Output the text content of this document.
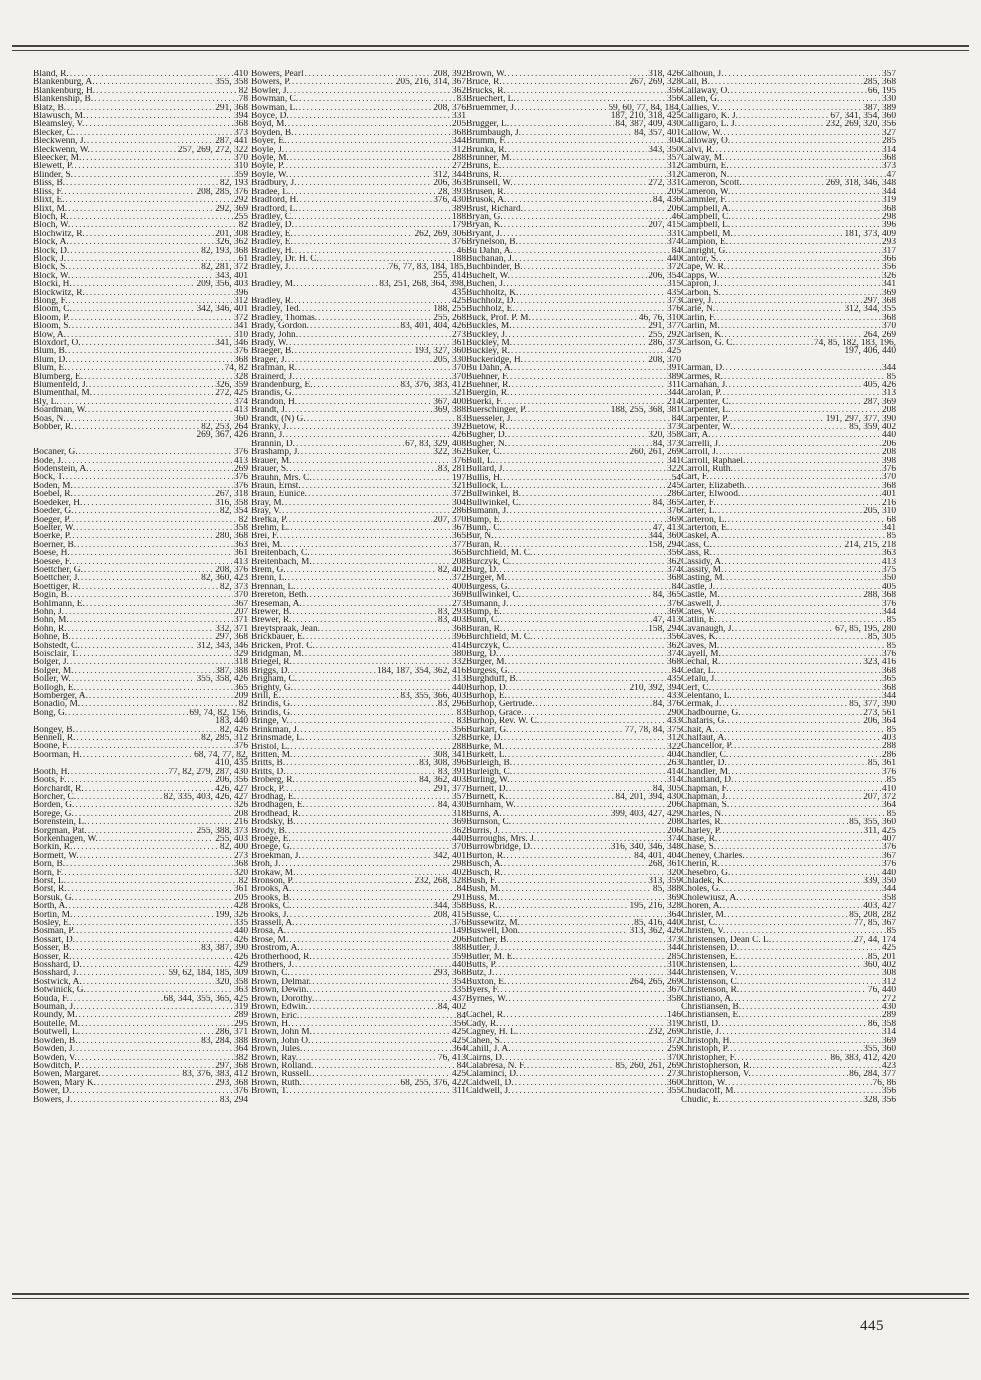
Bland, R. .....	410
Blankenburg, A. .....	355, 358
Blankenburg, H. .....	82
Blankenship, B. .....	78
Blatz, B. .....	291, 368
Blawusch, M. .....	394
Bleamsley, V. .....	368
Blecker, C. .....	373
Bleckwenn, J. .....	287, 441
Bleckwenn, W. .....	257, 269, 272, 322
Bleecker, M. .....	370
Blewett, P. .....	310
Blinder, S. .....	359
Bliss, B. .....	82, 193
Bliss, F. .....	208, 285, 376
Blixt, E. .....	292
Blixt, M. .....	292, 369
Bloch, R. .....	255
Bloch, W. .....	82
Blochwitz, R. .....	201, 308
Block, A. .....	326, 362
Block, D. .....	82, 193, 368
Block, J. .....	61
Block, S. .....	82, 281, 372
Block, W. .....	343, 401
Blocki, H. .....	209, 356, 403
Blockwitz, R. .....	396
Blong, F. .....	312
Bloom, C. .....	342, 346, 401
Bloom, P. .....	372
Bloom, S. .....	341
Blow, A. .....	310
Bloxdorf, O. .....	341, 346
Blum, B. .....	376
Blum, D. .....	368
Blum, E. .....	74, 82
Blumberg, E. .....	328
Blumenfeld, J. .....	326, 359
Blumenthal, M. .....	272, 425
Bly, L. .....	374
Boardman, W. .....	413
Boas, N. .....	360
Bobber, R. .....	82, 253, 264
269, 367, 426
Bocaner, G. .....	376
Bode, J. .....	413
Bodenstein, A. .....	269
Bock, T. .....	376
Boden, M. .....	376
Boebel, R. .....	267, 318
Boedeker, H. .....	316, 358
Boeder, G. .....	82, 354
Boeger, P. .....	82
Boelter, W. .....	358
Boerke, P. .....	280, 368
Boerner, B. .....	363
Boese, H. .....	361
Boesee, F. .....	413
Boettcher, G. .....	208, 376
Boettcher, J. .....	82, 360, 423
Boettiger, R. .....	82, 373
Bogin, B. .....	370
Bohlmann, E. .....	367
Bohn, J. .....	207
Bohn, M. .....	371
Bohn, R. .....	332, 371
Bohne, B. .....	297, 368
Bohstedt, C. .....	312, 343, 346
Boisclair, T. .....	329
Bolger, J. .....	318
Bolger, M. .....	387, 388
Boller, W. .....	355, 358, 426
Bollogh, E. .....	365
Bomberger, A. .....	209
Bonadio, M. .....	82
Bong, G. .....	69, 74, 82, 156,
183, 440
Bongey, B. .....	82, 426
Bennell, R. .....	82, 285, 312
Boone, F. .....	376
Boorman, H. .....	68, 74, 77, 82,
410, 435
Booth, H. .....	77, 82, 279, 287, 430
Boots, F. .....	206, 356
Borchardt, R. .....	426, 427
Borcher, C. .....	82, 335, 403, 426, 427
Borden, G. .....	326
Borege, G. .....	208
Borenstein, L. .....	216
Borgman, Pat. .....	255, 388, 373
Borkenhagen, W. .....	255, 403
Borkin, R. .....	82, 400
Bormett, W. .....	273
Born, B. .....	368
Born, F. .....	320
Borst, L. .....	82
Borst, R. .....	361
Borsuk, G. .....	205
Borth, A. .....	428
Bortin, M. .....	199, 326
Bosley, E. .....	335
Bosman, P. .....	440
Bossart, D. .....	426
Bosser, B. .....	83, 387, 390
Bosser, R. .....	426
Bosshard, D. .....	429
Bosshard, J. .....	59, 62, 184, 185, 309
Bostwick, A. .....	320, 358
Botwinick, G. .....	363
Bouda, F. .....	68, 344, 355, 365, 425
Bouman, J. .....	319
Roundy, M. .....	289
Boutelle, M. .....	295
Boutwell, L. .....	286, 371
Bowden, B. .....	83, 284, 388
Bowden, J. .....	364
Bowden, V. .....	382
Bowditch, P. .....	297, 368
Bowen, Margaret. .....	83, 376, 383, 412
Bowen, Mary K. .....	293, 368
Bower, D. .....	376
Bowers, J. .....	83, 294
Bowers, Pearl .....	208, 392
Bowers, P. .....	205, 216, 314, 367
Bowler, J. .....	362
Bowman, C. .....	83
Bowman, L. .....	208, 376
Boyce, D. .....	331
Boyd, M. .....	205
Boyden, B. .....	368
Boyer, E. .....	344
Boyle, J. .....	312
Boyle, M. .....	288
Boyle, P. .....	272
Boyle, W. .....	312, 344
Bradbury, J. .....	206, 363
Bradee, L. .....	28, 393
Bradford, H. .....	376, 430
Bradford, L. .....	389
Bradley, C. .....	188
Bradley, D. .....	179
Bradley, E. .....	262, 269, 306
Bradley, E. .....	376
Bradley, H. .....	46
Bradley, Dr. H. C. .....	188
Bradley, J. .....	76, 77, 83, 184, 185,
255, 414
Bradley, M. .....	83, 251, 268, 364, 398,
435
Bradley, R. .....	425
Bradley, Ted. .....	188, 255
Bradley, Thomas. .....	255, 268
Brady, Gordon. .....	83, 401, 404, 426
Brady, John. .....	273
Brady, W. .....	361
Braeger, B. .....	193, 327, 360
Brager, J. .....	205, 330
Brafman, R. .....	370
Brainerd, J. .....	370
Brandenburg, E. .....	83, 376, 383, 412
Brandis, G. .....	321
Brandon, H. .....	367, 400
Brandt, J. .....	369, 388
Brandt, (N) G. .....	83
Branky, J. .....	392
Brann, J. .....	426
Brannin, D. .....	67, 83, 329, 408
Brashamp, J. .....	322, 362
Brauer, M. .....	376
Brauer, S. .....	83, 281
Brauhn, Mrs. C. .....	197
Braun, Ernst. .....	321
Braun, Eunice. .....	372
Bray, M. .....	304
Bray, V. .....	286
Brefka, P. .....	207, 370
Brehm, L. .....	367
Brei, F. .....	365
Brei, M. .....	377
Breitenbach, C. .....	365
Breitenbach, M. .....	208
Brem, G. .....	82, 402
Brenn, L. .....	372
Brennan, L. .....	400
Brereton, Beth. .....	369
Breseman, A. .....	273
Brewer, B. .....	83, 293
Brewer, R. .....	83, 403
Breytspraak, Jean. .....	368
Brickbauer, E. .....	396
Bricken, Prof. C. .....	414
Bridgman, M. .....	380
Briegel, R. .....	332
Briggs, D. .....	184, 187, 354, 362, 416
Brigham, C. .....	313
Brighty, G. .....	440
Brill, E. .....	83, 355, 366, 403
Brindis, G. .....	83, 296
Brindis, G. .....	83
Bringe, V. .....	83
Brinkman, J. .....	356
Brinsmade, L. .....	328
Bristol, L. .....	288
Britten, M. .....	308, 341
Britts, B. .....	83, 308, 396
Britts, D. .....	83, 391
Broberg, R. .....	84, 362, 403
Brock, P. .....	291, 377
Brodhag, E. .....	357
Brodhagen, E. .....	84, 430
Brodhead, R. .....	318
Brodsky, B. .....	369
Brody, B. .....	362
Broege, E. .....	440
Broege, G. .....	370
Broekman, J. .....	342, 401
Broh, J. .....	298
Brokaw, M. .....	402
Bronson, P. .....	232, 268, 328
Brooks, A. .....	84
Brooks, B. .....	291
Brooks, C. .....	344, 358
Brooks, J. .....	208, 415
Brassell, A. .....	376
Brosa, A. .....	149
Brose, M. .....	206
Brostrom, A. .....	388
Brotherhood, R. .....	359
Brothers, J. .....	440
Brown, C. .....	293, 368
Brown, Delmar. .....	354
Brown, Dewin. .....	335
Brown, Dorothy. .....	437
Brown, Edwin. .....	84, 402
Brown, Eric. .....	84
Brown, H. .....	356
Brown, John M. .....	425
Brown, John O. .....	425
Brown, Jules. .....	364
Brown, Ray. .....	76, 413
Brown, Rolland. .....	84
Brown, Russell. .....	425
Brown, Ruth. .....	68, 255, 376, 422
Brown, T. .....	311
Brown, W. .....	318, 426
Bruce, R. .....	267, 269, 328
Brucks, R. .....	356
Bruechert, L. .....	356
Bruemmer, J. .....	59, 60, 77, 84, 184,
187, 210, 318, 425
Brugger, L. .....	84, 387, 409, 430
Brumbaugh, J. .....	84, 357, 401
Brumm, F. .....	304
Brunka, R. .....	343, 350
Brunner, M. .....	357
Bruns, E. .....	312
Bruns, R. .....	312
Brunsell, W. .....	272, 331
Brusen, R. .....	205
Brusok, A. .....	84, 436
Brust, Richard. .....	206
Bryan, G. .....	46
Bryan, K. .....	207, 415
Bryant, J. .....	331
Brynelson, B. .....	374
Bu Dahn, A. .....	84
Buchanan, J. .....	440
Buchbinder, B. .....	372
Buchelt, W. .....	206, 354
Buchen, J. .....	315
Buchholtz, K. .....	435
Buchholz, D. .....	373
Buchholz, E. .....	376
Buck, Prof. P. M. .....	46, 76, 310
Buckles, M. .....	291, 377
Buckley, J. .....	255, 292
Buckley, M. .....	286, 373
Buckley, R. .....	425
Buckeridge, H. .....	208, 370
Bu Dahn, A. .....	391
Buehner, F. .....	389
Buehner, R. .....	311
Buergin, R. .....	344
Buerki, F. .....	214
Buerschinger, P. .....	188, 255, 368, 381
Buesseler, J. .....	84
Buetow, R. .....	373
Bugher, D. .....	320, 358
Bugher, N. .....	84, 373
Buker, C. .....	260, 261, 269
Bull, L. .....	341
Bullard, J. .....	322
Bullis, H. .....	54
Bullock, L. .....	245
Bullwinkel, B. .....	286
Bullwinkel, C. .....	84, 365
Bumann, J. .....	376
Bump, E. .....	369
Bunn,. C. .....	47, 413
Bur, N. .....	344, 360
Buran, R. .....	158, 294
Burchfield, M. C. .....	356
Burczyk, C. .....	362
Burg, D. .....	374
Burger, M. .....	368
Burgess, G. .....	84
Bullwinkel, C. .....	84, 365
Bumann, J. .....	376
Bump, E. .....	369
Bunn, C. .....	47, 413
Buran, R. .....	158, 294
Burchfield, M. C. .....	356
Burczyk, C. .....	362
Burg, D. .....	374
Burger, M. .....	368
Burgess, G. .....	84
Burghduff, B. .....	435
Burhop, D. .....	210, 392, 394
Burhop, E. .....	433
Burhop, Gertrude. .....	84, 376
Burhop, Grace. .....	290
Burhop, Rev. W. C. .....	433
Burkart, G. .....	77, 78, 84, 375
Burke, D. .....	312
Burke, M. .....	322
Burkett, L. .....	404
Burleigh, B. .....	263
Burleigh, C. .....	414
Burling, W. .....	314
Burnett, D. .....	84, 305
Burnett, K. .....	84, 201, 394, 430
Burnham, W. .....	206
Burns, A. .....	399, 403, 427, 429
Burnson, C. .....	208
Burris, J. .....	206
Burroughs, Mrs. J. .....	374
Burrowbridge, D. .....	316, 340, 346, 348
Burton, R. .....	84, 401, 404
Busch, A. .....	268, 361
Busch, R. .....	320
Bush, F. .....	313, 359
Bush, M. .....	85, 388
Buss, M. .....	369
Buss, R. .....	195, 216, 328
Busse, C. .....	364
Bussewitz, M. .....	85, 416, 440
Buswell, Don. .....	313, 362, 426
Butcher, B. .....	373
Butler, J. .....	344
Butler, M. E. .....	285
Butts, P. .....	310
Butz, J. .....	344
Buxton, E. .....	264, 265, 269
Byers, F. .....	367
Byrnes, W. .....	358
Cachel, R. .....	146
Cady, R. .....	319
Cagney, H. L. .....	232, 269
Cahen, S. .....	372
Cahill, J. A. .....	259
Cairns, D. .....	370
Calabresa, N. F. .....	85, 260, 261, 269
Calaminci, D. .....	273
Caldwell, D. .....	360
Caldwell, J. .....	355
Calhoun, J. .....	357
Call, B. .....	285, 368
Callaway, O. .....	66, 195
Callen, G. .....	330
Callies, V. .....	387, 389
Calligaro, K. J. .....	67, 341, 354, 360
Calligaro, L. J. .....	232, 269, 320, 356
Callow, W. .....	327
Calloway, O. .....	285
Calvi, R. .....	314
Calway, M. .....	368
Camburn, E. .....	373
Cameron, N. .....	47
Cameron, Scott. .....	269, 318, 346, 348
Cameron, W. .....	344
Cammler, F. .....	319
Campbell, A. .....	368
Campbell, C. .....	298
Campbell, L. .....	396
Campbell, M. .....	181, 373, 409
Campion, E. .....	293
Canright, G. .....	317
Cantor, S. .....	366
Cape, W. R. .....	356
Capps, W. .....	326
Capron, J. .....	341
Carbon, S. .....	369
Carey, J. .....	297, 368
Carle, N. .....	312, 344, 355
Carlin, F. .....	368
Carlin, M. .....	370
Carlsen, K. .....	264, 269
Carlson, G. C. .....	74, 85, 182, 183, 196,
197, 406, 440
Carman, D. .....	344
Carmes, R. .....	85
Carnahan, J. .....	405, 426
Carolan, P. .....	313
Carpenter, C. .....	287, 369
Carpenter, L. .....	208
Carpenter, P. .....	191, 297, 377, 390
Carpenter, W. .....	85, 359, 402
Carr, A. .....	440
Carrelli, J. .....	206
Carroll, J. .....	208
Carroll, Raphael. .....	398
Carroll, Ruth. .....	376
Cart, F. .....	370
Carter, Elizabeth. .....	368
Carter, Elwood. .....	401
Carter, F. .....	216
Carter, L. .....	205, 310
Carteron, L. .....	68
Carterton, E. .....	341
Caskel, A. .....	85
Cass, C. .....	214, 215, 218
Cass, R. .....	363
Cassidy, A. .....	413
Cassity, M. .....	375
Casting, M. .....	350
Castle, J. .....	405
Castle, M. .....	288, 368
Caswell, J. .....	376
Cates, W. .....	344
Catlin, E. .....	85
Cavanaugh, J. .....	67, 85, 195, 280
Caves, K. .....	85, 305
Caves, M. .....	85
Cayell, M. .....	376
Cechal, R. .....	323, 416
Cedar, L. .....	368
Cefalu, J. .....	365
Cerf, C. .....	368
Celentano, L. .....	344
Cermak, J. .....	85, 377, 390
Chadbourne, G. .....	273, 561
Chafaris, G. .....	206, 364
Chait, A. .....	85
Chalfaut, A. .....	403
Chancellor, P. .....	288
Chandler, C. .....	286
Chantler, D. .....	85, 361
Chandler, M. .....	376
Chantland, D. .....	85
Chapman, F. .....	410
Chapman, J. .....	207, 372
Chapman, S. .....	364
Charles, N. .....	85
Charles, R. .....	85, 355, 360
Charley, P. .....	311, 425
Chase, R. .....	407
Chase, S. .....	376
Cheney, Charles. .....	367
Cherin, R. .....	376
Chesebro, G. .....	440
Chladek, K. .....	339, 350
Choles, G. .....	344
Cholewiusz, A. .....	358
Choren, A. .....	403, 427
Chrisler, M. .....	85, 208, 282
Christ, C. .....	77, 85, 367
Christen, V. .....	85
Christensen, Dean C. L. .....	27, 44, 174
Christensen, D. .....	425
Christensen, E. .....	85, 201
Christensen, L. .....	360, 402
Christensen, V. .....	308
Christenson, C. .....	312
Christenson, R. .....	76, 440
Christiano, A. .....	272
Christiansen, B. .....	430
Christiansen, E. .....	289
Christl, D. .....	86, 358
Christle, J. .....	314
Christoph, H. .....	369
Christoph, P. .....	355, 360
Christopher, F. .....	86, 383, 412, 420
Christopherson, R. .....	423
Christopherson, V. .....	86, 284, 377
Chritton, W. .....	76, 86
Chudacoff, M. .....	356
Chudic, E. .....	328, 356
445
